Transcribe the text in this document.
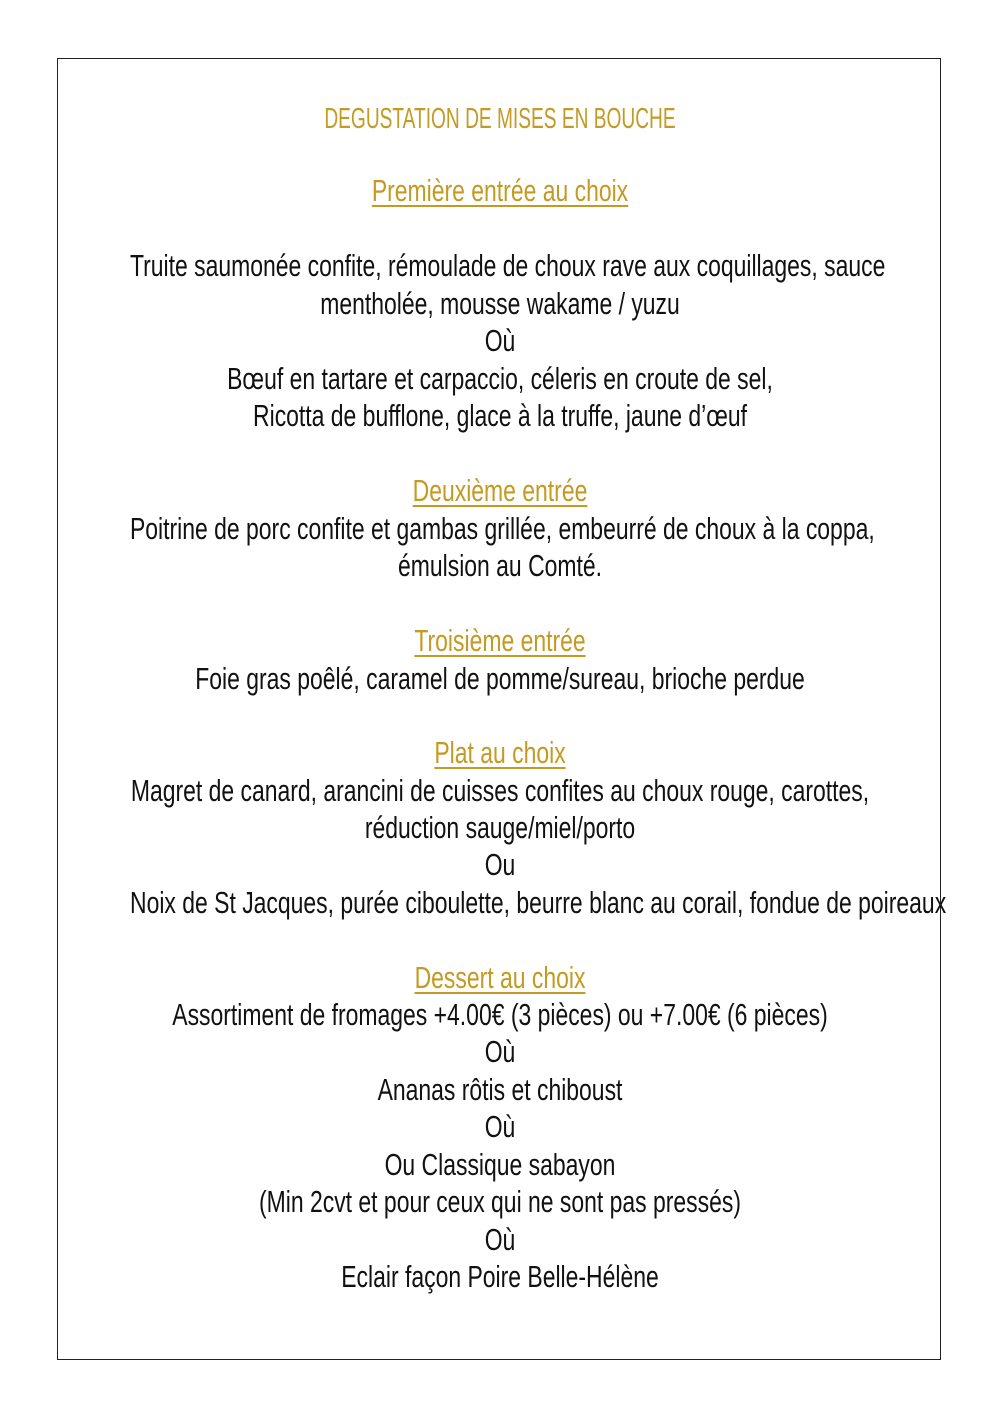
DEGUSTATION DE MISES EN BOUCHE
Première entrée au choix
Truite saumonée confite, rémoulade de choux rave aux coquillages, sauce
mentholée, mousse wakame / yuzu
Où
Bœuf en tartare et carpaccio, céleris en croute de sel,
Ricotta de bufflone, glace à la truffe, jaune d’œuf
Deuxième entrée
Poitrine de porc confite et gambas grillée, embeurré de choux à la coppa,
émulsion au Comté.
Troisième entrée
Foie gras poêlé, caramel de pomme/sureau, brioche perdue
Plat au choix
Magret de canard, arancini de cuisses confites au choux rouge, carottes,
réduction sauge/miel/porto
Ou
Noix de St Jacques, purée ciboulette, beurre blanc au corail, fondue de poireaux
Dessert au choix
Assortiment de fromages +4.00€ (3 pièces) ou +7.00€ (6 pièces)
Où
Ananas rôtis et chiboust
Où
Ou Classique sabayon
(Min 2cvt et pour ceux qui ne sont pas pressés)
Où
Eclair façon Poire Belle-Hélène
